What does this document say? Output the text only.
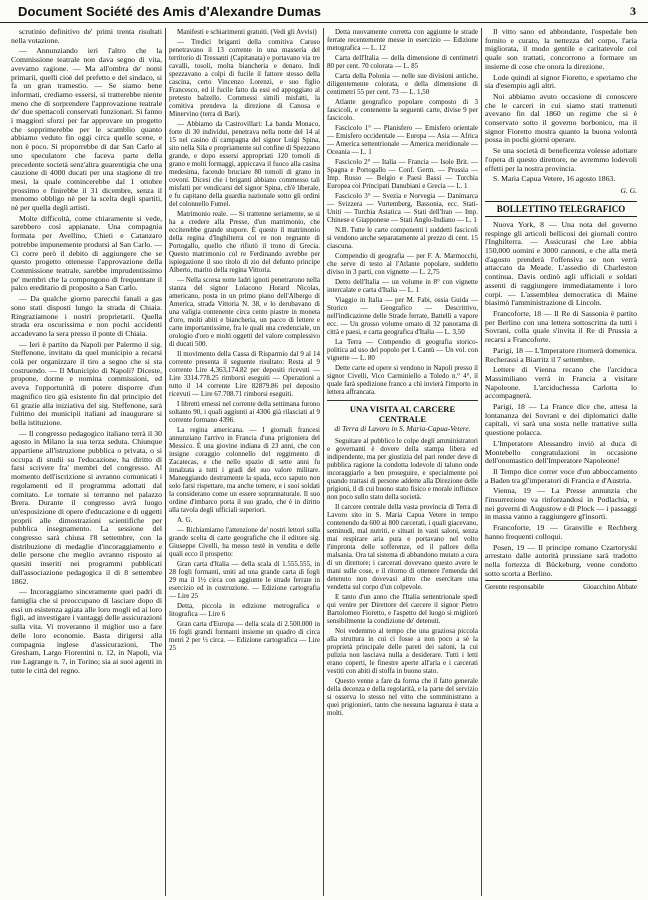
Document Société des Amis d'Alexandre Dumas	3

scrutinio definitivo de' primi trenta risultati nella votazione.

— Annunziando ieri l'altro che la Commissione teatrale non dava segno di vita, avevamo ragione. — Ma all'ombra de' nomi primarii, quelli cioè del prefetto e del sindaco, si fa un gran tramestio. — Se siamo bene informati, crediamo essersi, si tratterebbe niente meno che di sorprendere l'approvazione teatrale de' due spettacoli conservati funzionari. Si fanno i maggiori sforzi per far approvare un progetto che sopprimerebbe per le scamblio quanto abbiamo veduto fin oggi circa quelle scene, e non è poco. Si proporrebbe di dar San Carlo al uno speculatore che faceva parte della precedente società senz'altra guarentigia che una cauzione di 4000 ducati per una stagione di tre mesi, la quale comincerebbe dal 1 ottobre prossimo e finirebbe il 31 dicembre, senza il menomo obbligo nè per la scelta degli spartiti, nè per quella degli artisti.

Molte difficoltà, come chiaramente si vede, sarebbero così appianate. Una compagnia formata per Avellino, Chieti e Catanzaro potrebbe impunemente prodursi al San Carlo. — Ci corre però il debito di aggiungere che se questo progetto ottenesse l'approvazione della Commissione teatrale, sarebbe imprudentissimo pe' membri che la compongono di frequentare il palco ereditario di proposito a San Carlo.

— Da qualche giorno parecchi fanali a gas sono stati disposti lungo la strada di Chiaia. Ringraziamone i nostri proprietarii. Quella strada era oscurissima e non pochi accidenti accadevano la sera presso il ponte di Chiaia.

— Ieri è partito da Napoli per Palermo il sig. Steffenone, invitato da quel municipio a recarsi colà per organizzare il tiro a segno che si sta costruendo. — Il Municipio di Napoli? Diceste, propone, dorme e nomina commissioni, ed aveva l'opportunità di potere disporre d'un magnifico tiro già esistente fin dal principio del 61 grazie alla iniziativa del sig. Steffenone, sarà l'ultimo dei municipii italiani ad inaugurare si bella istituzione.

— Il congresso pedagogico italiano terrà il 30 agosto in Milano la sua terza seduta. Chiunque appartiene all'istruzione pubblica o privata, o si occupa di studii su l'educazione, ha diritto di farsi scrivere fra' membri del congresso. Al momento dell'iscrizione si avranno comunicati i regolamenti ed il programma adottati dal comitato. Le tornate si terranno nel palazzo Brera. Durante il congresso avrà luogo un'esposizione di opere d'educazione e di oggetti proprii alle dimostrazioni scientifiche per pubblica insegnamento. La sessione del congresso sarà chiusa l'8 settembre, con la distribuzione di medaglie d'incoraggiamento e delle persone che meglio avranno risposto ai quesiti inseriti nei programmi pubblicati dall'associazione pedagogica il di 8 settembre 1862.

— Incoraggiamo sinceramente quei padri di famiglia che si preoccupano di lasciare dopo di essi un esistenza agiata alle loro mogli ed ai loro figli, ad investigare i vantaggi delle assicurazioni sulla vita. Vi troveranno il miglior uso a fare delle loro economie. Basta dirigersi alla compagnia inglese d'assicurazioni, The Gresham, Largo Fiorentini n. 12, in Napoli, via rue Lagrange n. 7, in Torino; sia ai suoi agenti in tutte le città del regno.

Manifesti e schiarimenti gratuiti. (Vedi gli Avvisi)

— Tredici briganti della comitiva Caruso penetravano il 13 corrente in una masseria del territorio di Tressanti (Capitanata) e portavano via tre cavalli, tosoli, molta biancheria e denaro. Indi spezzavano a colpi di fucile il fattore stesso della cascina, certo Vincenzo Lorenzi, e suo figlio Francesco, ed il fucile fatto da essi ed appoggiato al pretesto balzello. Commessi simili misfatti, la comitiva prendeva la direzione di Canosa e Minervino (terra di Bari).

— Abbiamo da Castrovillari: La banda Monaco, forte di 30 individui, penetrava nella notte del 14 al 15 nel casino di campagna del signor Luigi Spina, sito nella Sila e propriamente sul confine di Spezzano grande, e dopo essersi appropriati 120 tomoli di grano e molti formaggi, appiccava il fuoco alla casina medesima, facendo bruciare 80 tomoli di grano in covoni. Dicesi che i briganti abbiano commesso tali misfatti per vendicarsi del signor Spina, ch'è liberale, e fu capitano della guardia nazionale sotto gli ordini del colonnello Fumel.

Matrimonio reale. — Si trattenne seriamente, se si ha a credere alla Presse, d'un matrimonio, che ecciterebbe grande stupore. È questo il matrimonio della regina d'Inghilterra col re non regnante di Portogallo, quello che rifiutò il trono di Grecia. Questo matrimonio col re Ferdinando avrebbe per ispiegazione il suo titolo di zio del defunto principe Alberto, marito della regina Vittoria.

— Nella scorsa notte ladri ignoti penetrarono nella stanza del signor Loiacono Horard Nicolas, americano, posta in un primo piano dell'Albergo di America, strada Vittoria N. 38, e lo derubavano di una valigia contenente circa cento piastre in moneta d'oro, molti abiti e biancheria, un pacco di lettere e carte importantissime, fra le quali una credenziale, un orologio d'oro e molti oggetti del valore complessivo di ducati 500.

Il movimento della Cassa di Risparmio dal 9 al 14 corrente presenta il seguente risultato: Resta al 9 corrente Lire 4,363,174.82 per depositi ricevuti — Lire 3314.778.25 rimborsi eseguiti — Operazioni a tutto il 14 corrente Lire 82879.86 pel deposito ricevuti — Lire 67.708.71 rimborsi eseguiti.

I libretti emessi nel corrente della settimana furono soltanto 90, i quali aggiunti ai 4306 già rilasciati al 9 corrente formano 4396.

La regina americana. — I giornali francesi annunziano l'arrivo in Francia d'una prigioniera del Messico. È una giovine indiana di 23 anni, che con insigne coraggio colonnello del reggimento di Zacatecas, e che nello spazio di sette anni fu innalzata a tutti i gradi del suo valore militare. Maneggiando destramente la spada, ecco saputo non solo farsi rispettare, ma anche temere, e i suoi soldati la considerano come un essere soprannaturale. Il suo ordine d'imbarco porta il suo grado, che è in diritto alla tavola degli ufficiali superiori.

A. G.

— Richiamiamo l'attenzione de' nostri lettori sulla grande scelta di carte geografiche che il editore sig. Giuseppe Civelli, ha messo testè in vendita e delle quali ecco il prospetto:

Gran carta d'Italia — della scala di 1.555.555, in 28 fogli formanti, uniti ad una grande carta di fogli 29 ma il 1½ circa con aggiunte le strade ferrate in esercizio ed in costruzione. — Edizione cartografia — Lire 25

Detta, piccola in edizione metrografica e litografica — Lire 6

Gran carta d'Europa — della scala di 2.500.000 in 16 fogli grandi formanti insieme un quadro di circa metri 2 per ½ circa. — Edizione cartografica — Lire 25

Detta nuovamente corretta con aggiunte le strade ferrate recentemente messe in esercizio — Edizione metografica — L. 12

Carta dell'Italia — della dimensione di centimetri 80 per cent. 70 colorata — L. 85

Carta della Polonia — nelle sue divisioni antiche, diligentemente colorata, e della dimensione di centimetri 55 per cent. 73 — L. 1,50

Atlante geografico popolare composto di 3 fascicoli, e contenente la seguenti carte, divise 9 per fascicolo.

Fascicolo 1° — Planisfero — Emisfero orientale — Emisfero occidentale — Europa — Asia — Africa — America settentrionale — America meridionale — Oceania — L. 1

Fascicolo 2° — Italia — Francia — Isole Brit. — Spagna e Portogallo — Conf. Germ. — Prussia — Imp. Russo — Belgio e Paesi Bassi — Turchia Europea coi Principati Danubiani e Grecia — L. 1

Fascicolo 3° — Svezia e Norvegia — Danimarca — Svizzera — Vurtemberg, Bassonia, ecc. Stati-Uniti — Turchia Asiatica — Stati dell'Iran — Imp. Chinese e Giapponese — Stati Anglo-Indiano — L. 1

N.B. Tutte le carte componenti i suddetti fascicoli si vendono anche separatamente al prezzo di cent. 15 ciascuna.

Compendio di geografia — per F. A. Marmocchi, che serve di testo al l'Atlante popolare, suddetto diviso in 3 parti, con vignette — L. 2,75

Detto dell'Italia — un volume in 8° con vignette intercalate e carta d'Italia — L. 1

Viaggio in Italia — per M. Fabi, ossia Guida — Storico — Geografico — Descrittivo, nell'indicazione delle Strade ferrate, Battelli a vapore ecc. — Un grosso volume ornato di 32 panorama di città e paesi, e carta geografica d'Italia — L. 3,50

La Terra — Compendio di geografia storico-politica ad uso del popolo per I. Cantù — Un vol. con vignette — L. 80

Dette carte ed opere si vendono in Napoli presso il signor Civelli, Vico Carminiello a Toledo n.° 4°, il quale farà spedizione franco a chi invierà l'importo in lettera affrancata.

UNA VISITA AL CARCERE CENTRALE
di Terra di Lavoro in S. Maria-Capua-Vetere.

Seguitare al pubblico le colpe degli amministratori e governanti è dovere della stampa libera ed indipendente, ma per giustizia del pari render deve di pubblica ragione la condotta lodevole di taluno onde incoraggiarlo a ben proseguire, e specialmente poi quando trattasi di persone addette alla Direzione delle prigioni, il di cui buono stato fisico e morale influisce non poco sullo stato della società.

Il carcere centrale della vasta provincia di Terra di Lavoro sito in S. Maria Capua Vetere in tempo contenendo da 600 ai 800 carcerati, i quali giacevano, seminudi, mal nutriti, e situati in vasti saloni, senza mai respirare aria pura e portavano nel volto l'impronta delle sofferenze, ed il pallore della malsania. Ora tal sistema di abbandono mutato a cura di un direttore; i carcerati dovevano questo avere le mani sulle cose, e il ritorno di ottenere l'emenda del detenuto non dovevasi altro che esercitare una vendetta sul corpo d'un colpevole.

E tanto d'un anno che l'Italia settentrionale spedì qui venire per Direttore del carcere il signor Pietro Bartolomeo Fioretto, e l'aspetto del luogo si migliorò sensibilmente la condizione de' detenuti.

Noi vedemmo al tempo che una graziosa piccola alla struttura in cui ci fosse a non poco a sè la proprietà principale delle pareti dei saloni, la cui pulizia non lasciava nulla a desiderare. Tutti i letti erano coperti, le finestre aperte all'aria e i carcerati vestiti con abiti di stoffa in buono stato.

Questo venne a fare da forma che il fatto generale della decenza e della regolarità, e la parte del servizio si osserva lo stesso nel vitto che somministrano a quei prigionieri, tanto che nessuna lagnanza è stata a molti.

Il vitto sano ed abbondante, l'ospedale ben fornito e curato, la nettezza del corpo, l'aria migliorata, il modo gentile e caritatevole col quale son trattati, concorrono a formare un insieme di cose che onora la direzione.

Lode quindi al signor Fioretto, e speriamo che sia d'esempio agli altri.

Noi abbiamo avuto occasione di conoscere che le carceri in cui siamo stati trattenuti avevano fin dal 1860 un regime che si è conservato sotto il governo borbonico, ma il signor Fioretto mostra quanto la buona volontà possa in pochi giorni operare.

Se una società di beneficenza volesse adottare l'opera di questo direttore, ne avremmo lodevoli effetti per la nostra provincia.

S. Maria Capua Vetere, 16 agosto 1863.

G. G.
BOLLETTINO TELEGRAFICO

Nuova York, 8 — Una nota del governo respinge gli articoli bellicosi dei giornali contro l'Inghilterra. — Assicurasi che Lee abbia 150,000 uomini e 3000 cannoni, e che alla metà d'agosto prenderà l'offensiva se non verrà attaccato da Meade. L'assedio di Charleston continua. Davis ordinò agli ufficiali e soldati assenti di raggiungere immediatamente i loro corpi. — L'assemblea democratica di Maine biasimò l'amministrazione di Lincoln.

Francoforte, 18 — Il Re di Sassonia è partito per Berlino con una lettera sottoscritta da tutti i Sovrani, colla quale s'invita il Re di Prussia a recarsi a Francoforte.

Parigi, 18 — L'Imperatore ritornerà domenica. Recherassi a Biarritz il 7 settembre.

Lettere di Vienna recano che l'arciduca Massimiliano verrà in Francia a visitare Napoleone. L'arciduchessa Carlotta lo accompagnerà.

Parigi, 18 — La France dice che, attesa la lontananza dei Sovrani e dei diplomatici dalle capitali, vi sarà una sosta nelle trattative sulla questione polacca.

L'Imperatore Alessandro inviò al duca di Montebello congratulazioni in occasione dell'onomastico dell'Imperatore Napoleone!

Il Tempo dice correr voce d'un abboccamento a Baden tra gl'imperatori di Francia e d'Austria.

Vienna, 19 — La Presse annunzia che l'insurrezione va rinforzandosi in Podlachia, e nei governi di Augustow e di Plock — i passaggi in massa vanno a raggiungere gl'insorti.

Francoforte, 19 — Granville e Rechberg hanno frequenti colloqui.

Posen, 19 — Il principe romano Czartoryski arrestato dalle autorità prussiane sarà tradotto nella fortezza di Bückeburg, venne condotto sotto scorta a Berlino.

Gerente responsabile	Gioacchino Abbate
